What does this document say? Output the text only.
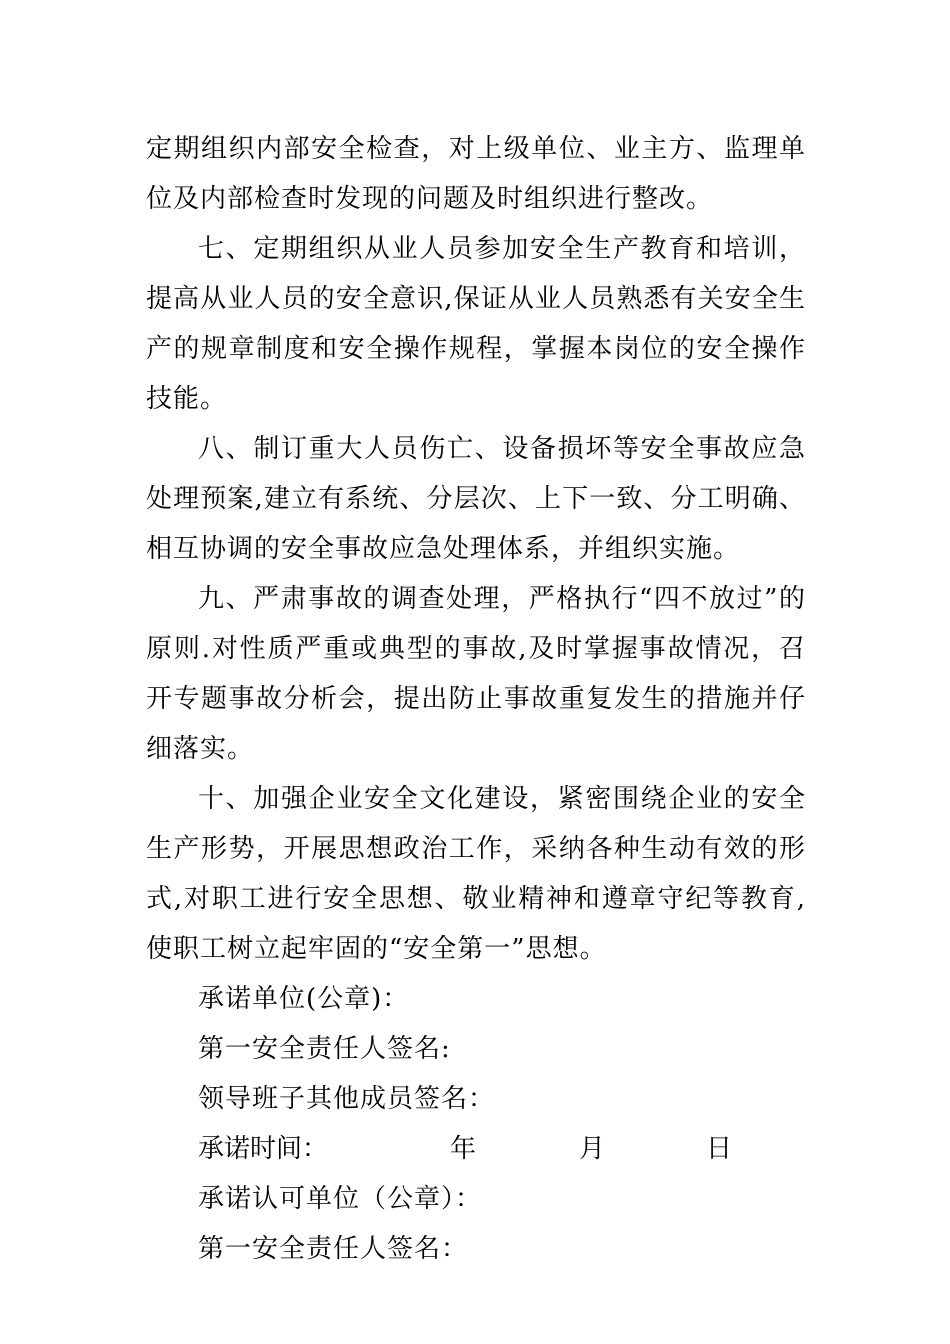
定期组织内部安全检查，对上级单位、业主方、监理单位及内部检查时发现的问题及时组织进行整改。

七、定期组织从业人员参加安全生产教育和培训，提高从业人员的安全意识,保证从业人员熟悉有关安全生产的规章制度和安全操作规程，掌握本岗位的安全操作技能。

八、制订重大人员伤亡、设备损坏等安全事故应急处理预案,建立有系统、分层次、上下一致、分工明确、相互协调的安全事故应急处理体系，并组织实施。

九、严肃事故的调查处理，严格执行“四不放过”的原则.对性质严重或典型的事故,及时掌握事故情况，召开专题事故分析会，提出防止事故重复发生的措施并仔细落实。

十、加强企业安全文化建设，紧密围绕企业的安全生产形势，开展思想政治工作，采纳各种生动有效的形式,对职工进行安全思想、敬业精神和遵章守纪等教育,使职工树立起牢固的“安全第一”思想。

承诺单位(公章)：

第一安全责任人签名:

领导班子其他成员签名：

承诺时间：	年	月	日

承诺认可单位（公章）：

第一安全责任人签名：
